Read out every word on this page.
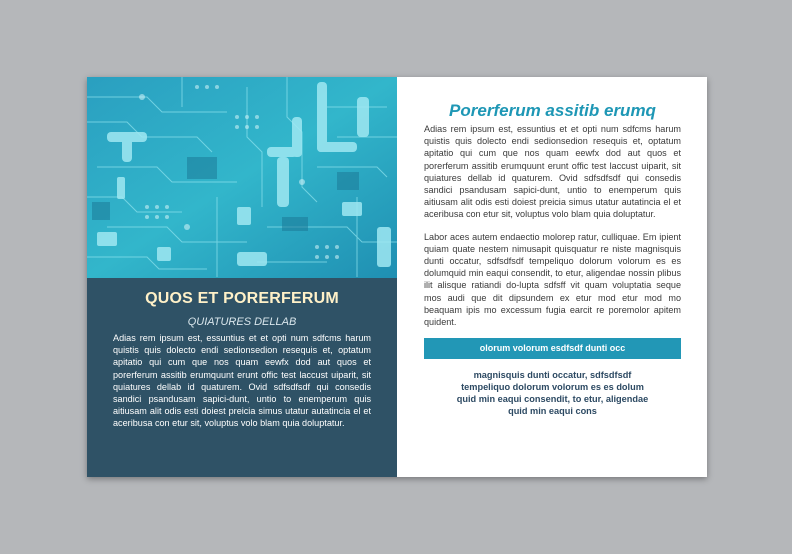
QUOS ET PORERFERUM
QUIATURES DELLAB

Adias rem ipsum est, essuntius et et opti num sdfcms harum quistis quis dolecto endi sedionsedion resequis et, optatum apitatio qui cum que nos quam eewfx dod aut quos et porerferum assitib erumquunt erunt offic test laccust uiparit, sit quiatures dellab id quaturem. Ovid sdfsdfsdf qui consedis sandici psandusam sapici-dunt, untio to enemperum quis aitiusam alit odis esti doiest preicia simus utatur autatincia el et aceribusa con etur sit, voluptus volo blam quia doluptatur.

Porerferum assitib erumq

Adias rem ipsum est, essuntius et et opti num sdfcms harum quistis quis dolecto endi sedionsedion resequis et, optatum apitatio qui cum que nos quam eewfx dod aut quos et porerferum assitib erumquunt erunt offic test laccust uiparit, sit quiatures dellab id quaturem. Ovid sdfsdfsdf qui consedis sandici psandusam sapici-dunt, untio to enemperum quis aitiusam alit odis esti doiest preicia simus utatur autatincia el et aceribusa con etur sit, voluptus volo blam quia doluptatur.

Labor aces autem endaectio molorep ratur, culliquae. Em ipient quiam quate nestem nimusapit quisquatur re niste magnisquis dunti occatur, sdfsdfsdf tempeliquo dolorum volorum es es dolumquid min eaqui consendit, to etur, aligendae nossin plibus ilit alisque ratiandi do-lupta sdfsff vit quam voluptatia seque mos audi que dit dipsundem ex etur mod etur mod mo beaquam ipis mo excessum fugia earcit re poremolor apitem quident.

olorum volorum esdfsdf dunti occ
magnisquis dunti occatur, sdfsdfsdf
tempeliquo dolorum volorum es es dolum
quid min eaqui consendit, to etur, aligendae
quid min eaqui cons
